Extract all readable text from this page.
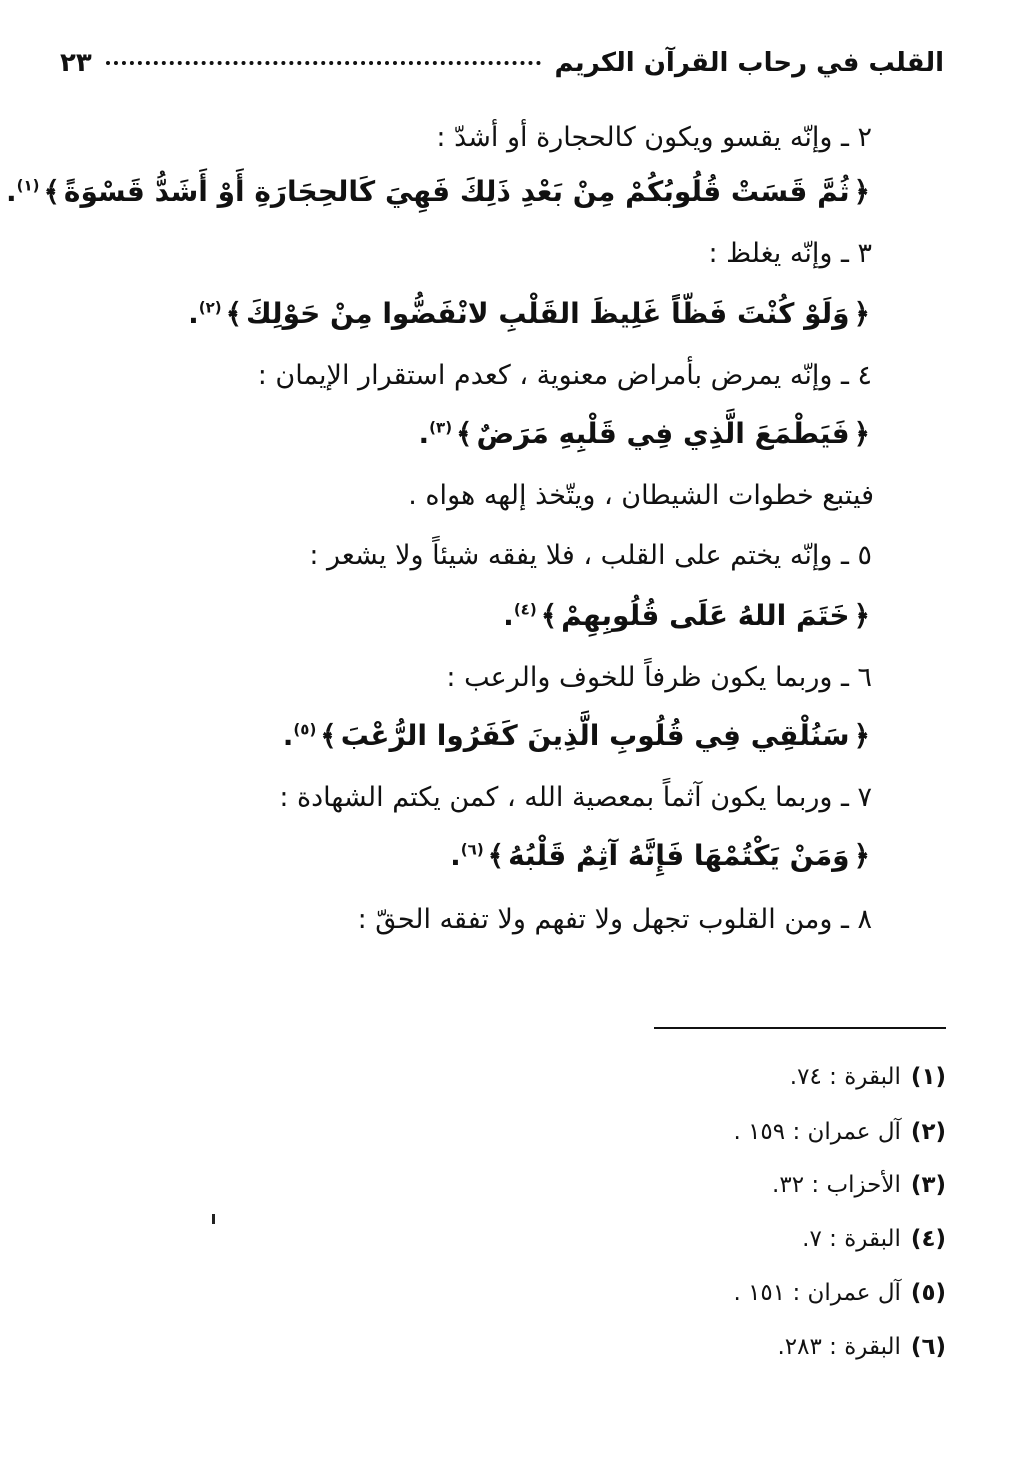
القلب في رحاب القرآن الكريم
٢٣
٢ ـ وإنّه يقسو ويكون كالحجارة أو أشدّ :
﴿ثُمَّ قَسَتْ قُلُوبُكُمْ مِنْ بَعْدِ ذَلِكَ فَهِيَ كَالحِجَارَةِ أَوْ أَشَدُّ قَسْوَةً﴾$^{(١)}$.
٣ ـ وإنّه يغلظ :
﴿وَلَوْ كُنْتَ فَظّاً غَلِيظَ القَلْبِ لانْفَضُّوا مِنْ حَوْلِكَ﴾$^{(٢)}$.
٤ ـ وإنّه يمرض بأمراض معنوية ، كعدم استقرار الإيمان :
﴿فَيَطْمَعَ الَّذِي فِي قَلْبِهِ مَرَضٌ﴾$^{(٣)}$.
فيتبع خطوات الشيطان ، ويتّخذ إلهه هواه .
٥ ـ وإنّه يختم على القلب ، فلا يفقه شيئاً ولا يشعر :
﴿خَتَمَ اللهُ عَلَى قُلُوبِهِمْ﴾$^{(٤)}$.
٦ ـ وربما يكون ظرفاً للخوف والرعب :
﴿سَنُلْقِي فِي قُلُوبِ الَّذِينَ كَفَرُوا الرُّعْبَ﴾$^{(٥)}$.
٧ ـ وربما يكون آثماً بمعصية الله ، كمن يكتم الشهادة :
﴿وَمَنْ يَكْتُمْهَا فَإِنَّهُ آثِمٌ قَلْبُهُ﴾$^{(٦)}$.
٨ ـ ومن القلوب تجهل ولا تفهم ولا تفقه الحقّ :
(١)البقرة : ٧٤.
(٢)آل عمران : ١٥٩ .
(٣)الأحزاب : ٣٢.
(٤)البقرة : ٧.
(٥)آل عمران : ١٥١ .
(٦)البقرة : ٢٨٣.
